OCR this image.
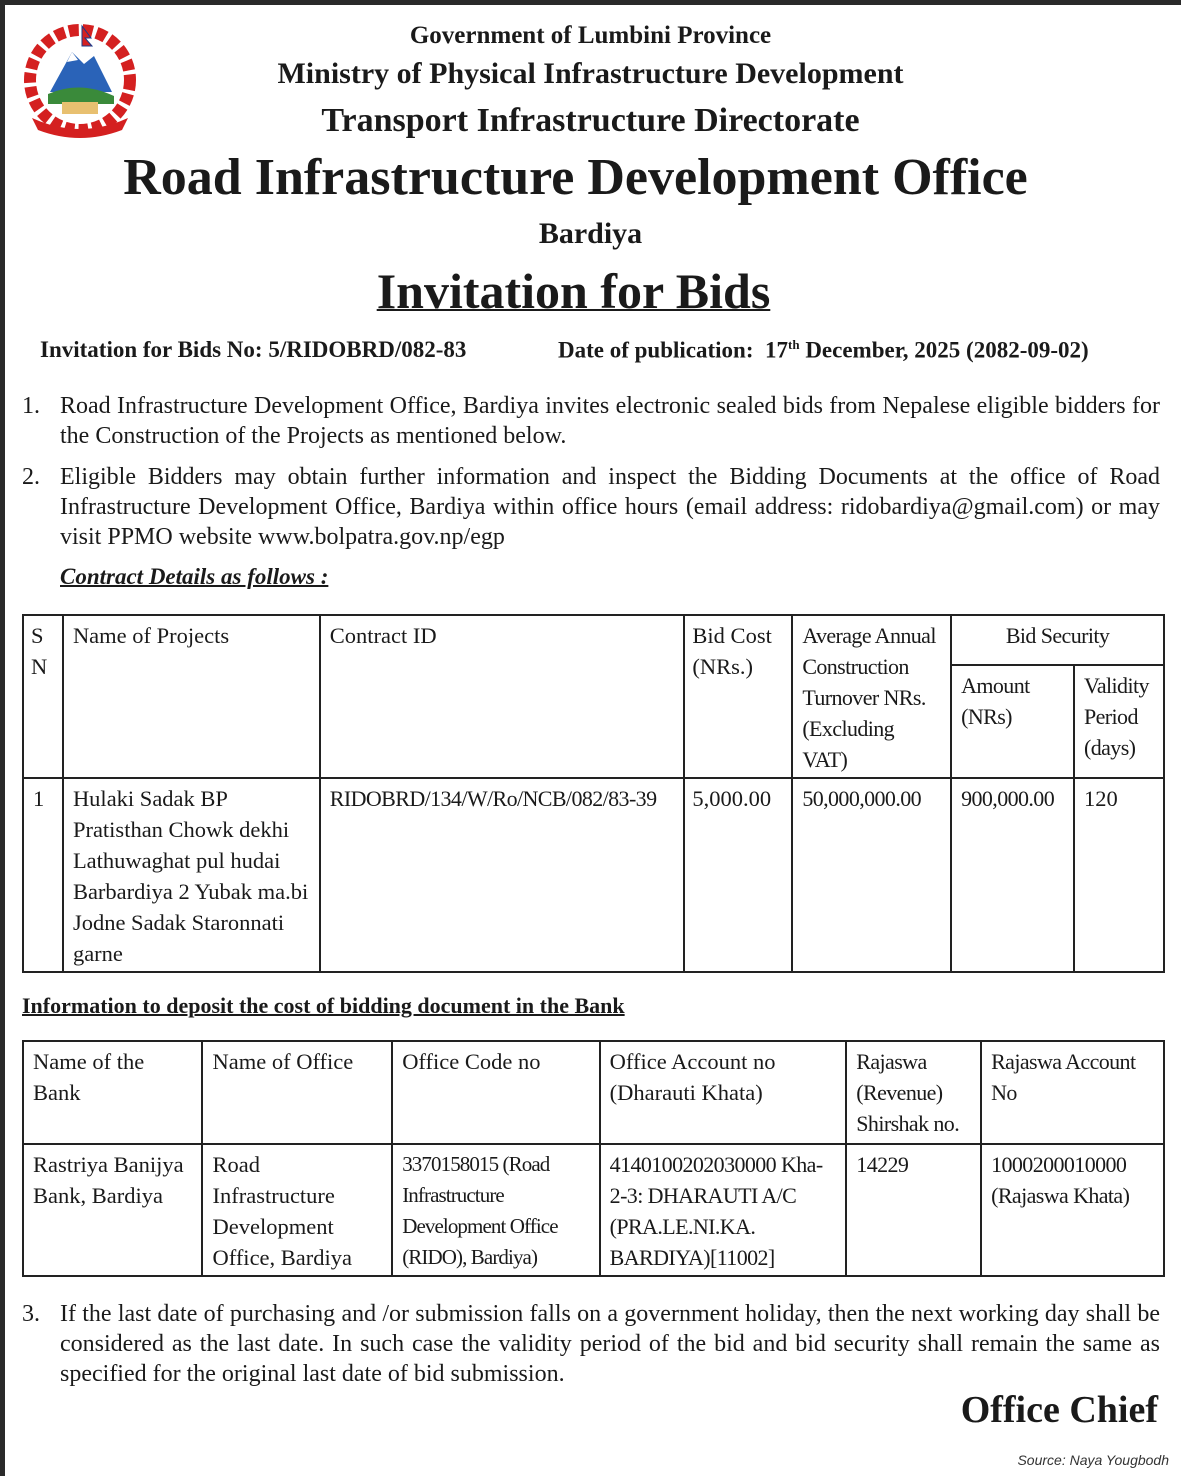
Government of Lumbini Province
Ministry of Physical Infrastructure Development
Transport Infrastructure Directorate
Road Infrastructure Development Office
Bardiya
Invitation for Bids
Invitation for Bids No: 5/RIDOBRD/082-83	Date of publication: 17th December, 2025 (2082-09-02)
1. Road Infrastructure Development Office, Bardiya invites electronic sealed bids from Nepalese eligible bidders for the Construction of the Projects as mentioned below.
2. Eligible Bidders may obtain further information and inspect the Bidding Documents at the office of Road Infrastructure Development Office, Bardiya within office hours (email address: ridobardiya@gmail.com) or may visit PPMO website www.bolpatra.gov.np/egp
Contract Details as follows :
S N	Name of Projects	Contract ID	Bid Cost (NRs.)	Average Annual Construction Turnover NRs. (Excluding VAT)	Bid Security	
					Amount (NRs)	Validity Period (days)
1	Hulaki Sadak BP Pratisthan Chowk dekhi Lathuwaghat pul hudai Barbardiya 2 Yubak ma.bi Jodne Sadak Staronnati garne	RIDOBRD/134/W/Ro/NCB/082/83-39	5,000.00	50,000,000.00	900,000.00	120
Information to deposit the cost of bidding document in the Bank
Name of the Bank	Name of Office	Office Code no	Office Account no (Dharauti Khata)	Rajaswa (Revenue) Shirshak no.	Rajaswa Account No
Rastriya Banijya Bank, Bardiya	Road Infrastructure Development Office, Bardiya	3370158015 (Road Infrastructure Development Office (RIDO), Bardiya)	4140100202030000 Kha-2-3: DHARAUTI A/C (PRA.LE.NI.KA. BARDIYA)[11002]	14229	1000200010000 (Rajaswa Khata)
3. If the last date of purchasing and /or submission falls on a government holiday, then the next working day shall be considered as the last date. In such case the validity period of the bid and bid security shall remain the same as specified for the original last date of bid submission.
Office Chief
Source: Naya Yougbodh
